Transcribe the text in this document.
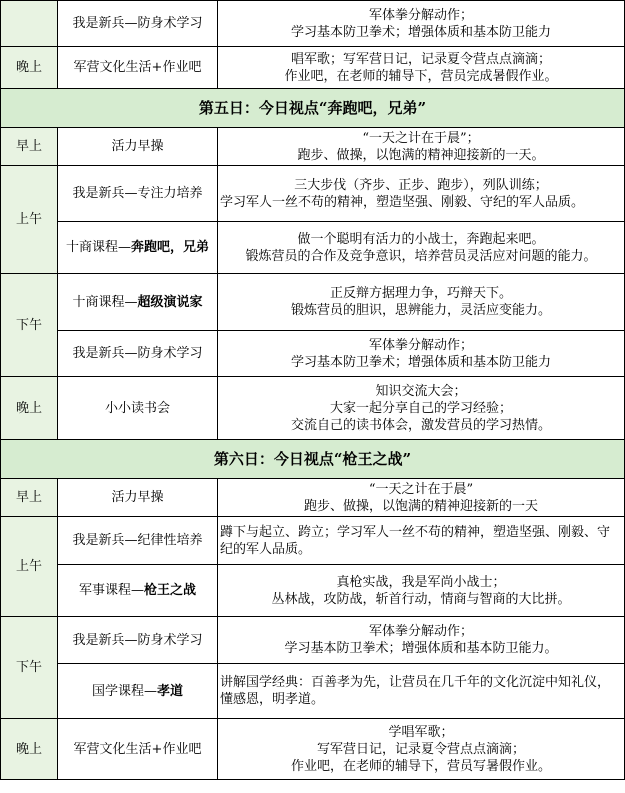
	我是新兵—防身术学习	军体拳分解动作；
学习基本防卫拳术；增强体质和基本防卫能力

晚上	军营文化生活+作业吧	唱军歌；写军营日记，记录夏令营点点滴滴；
作业吧，在老师的辅导下，营员完成暑假作业。

第五日：今日视点“奔跑吧，兄弟”		
早上	活力早操	“一天之计在于晨”；
跑步、做操，以饱满的精神迎接新的一天。

上午	我是新兵—专注力培养	三大步伐（齐步、正步、跑步），列队训练；
学习军人一丝不苟的精神，塑造坚强、刚毅、守纪的军人品质。

	十商课程—奔跑吧，兄弟	做一个聪明有活力的小战士，奔跑起来吧。
锻炼营员的合作及竞争意识，培养营员灵活应对问题的能力。

下午	十商课程—超级演说家	正反辩方据理力争，巧辩天下。
锻炼营员的胆识，思辨能力，灵活应变能力。

	我是新兵—防身术学习	军体拳分解动作；
学习基本防卫拳术；增强体质和基本防卫能力

晚上	小小读书会	知识交流大会；
大家一起分享自己的学习经验；
交流自己的读书体会，激发营员的学习热情。

第六日：今日视点“枪王之战”		
早上	活力早操	“一天之计在于晨”
跑步、做操，以饱满的精神迎接新的一天

上午	我是新兵—纪律性培养	蹲下与起立、跨立；学习军人一丝不苟的精神，塑造坚强、刚毅、守纪的军人品质。

	军事课程—枪王之战	真枪实战，我是军尚小战士；
丛林战，攻防战，斩首行动，情商与智商的大比拼。

下午	我是新兵—防身术学习	军体拳分解动作；
学习基本防卫拳术；增强体质和基本防卫能力。

	国学课程—孝道	讲解国学经典：百善孝为先，让营员在几千年的文化沉淀中知礼仪，懂感恩，明孝道。

晚上	军营文化生活+作业吧	学唱军歌；
写军营日记，记录夏令营点点滴滴；
作业吧，在老师的辅导下，营员写暑假作业。
